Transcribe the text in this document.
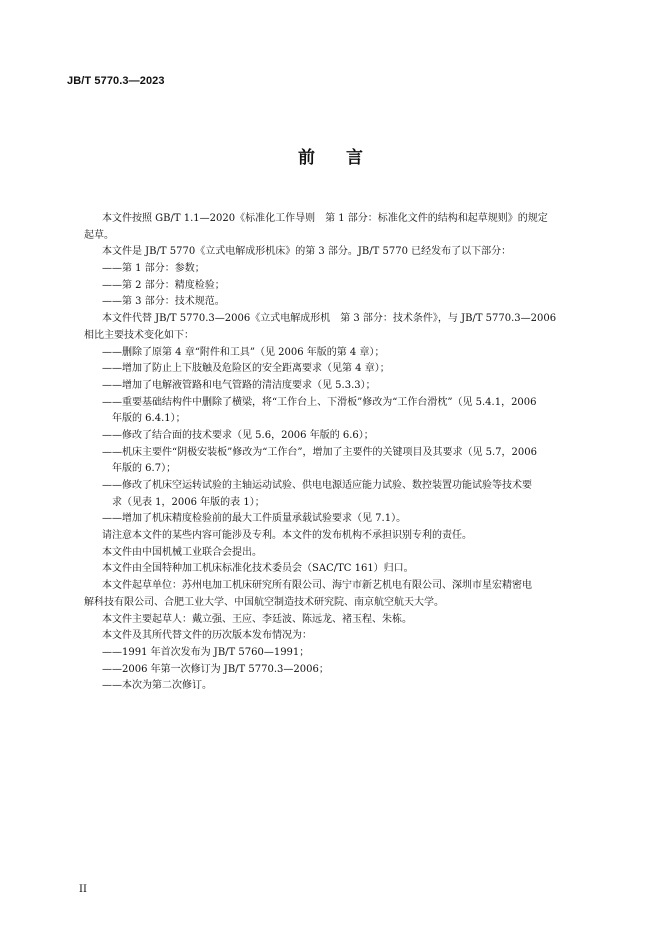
JB/T 5770.3—2023

前 言
本文件按照 GB/T 1.1—2020《标准化工作导则　第 1 部分：标准化文件的结构和起草规则》的规定
起草。
本文件是 JB/T 5770《立式电解成形机床》的第 3 部分。JB/T 5770 已经发布了以下部分：
——第 1 部分：参数；
——第 2 部分：精度检验；
——第 3 部分：技术规范。
本文件代替 JB/T 5770.3—2006《立式电解成形机　第 3 部分：技术条件》，与 JB/T 5770.3—2006
相比主要技术变化如下：
——删除了原第 4 章“附件和工具”（见 2006 年版的第 4 章）；
——增加了防止上下肢触及危险区的安全距离要求（见第 4 章）；
——增加了电解液管路和电气管路的清洁度要求（见 5.3.3）；
——重要基础结构件中删除了横梁，将“工作台上、下滑板”修改为“工作台滑枕”（见 5.4.1，2006
年版的 6.4.1）；
——修改了结合面的技术要求（见 5.6，2006 年版的 6.6）；
——机床主要件“阴极安装板”修改为“工作台”，增加了主要件的关键项目及其要求（见 5.7，2006
年版的 6.7）；
——修改了机床空运转试验的主轴运动试验、供电电源适应能力试验、数控装置功能试验等技术要
求（见表 1，2006 年版的表 1）；
——增加了机床精度检验前的最大工件质量承载试验要求（见 7.1）。
请注意本文件的某些内容可能涉及专利。本文件的发布机构不承担识别专利的责任。
本文件由中国机械工业联合会提出。
本文件由全国特种加工机床标准化技术委员会（SAC/TC 161）归口。
本文件起草单位：苏州电加工机床研究所有限公司、海宁市新艺机电有限公司、深圳市星宏精密电
解科技有限公司、合肥工业大学、中国航空制造技术研究院、南京航空航天大学。
本文件主要起草人：戴立强、王应、李廷波、陈远龙、褚玉程、朱栋。
本文件及其所代替文件的历次版本发布情况为：
——1991 年首次发布为 JB/T 5760—1991；
——2006 年第一次修订为 JB/T 5770.3—2006；
——本次为第二次修订。

II
